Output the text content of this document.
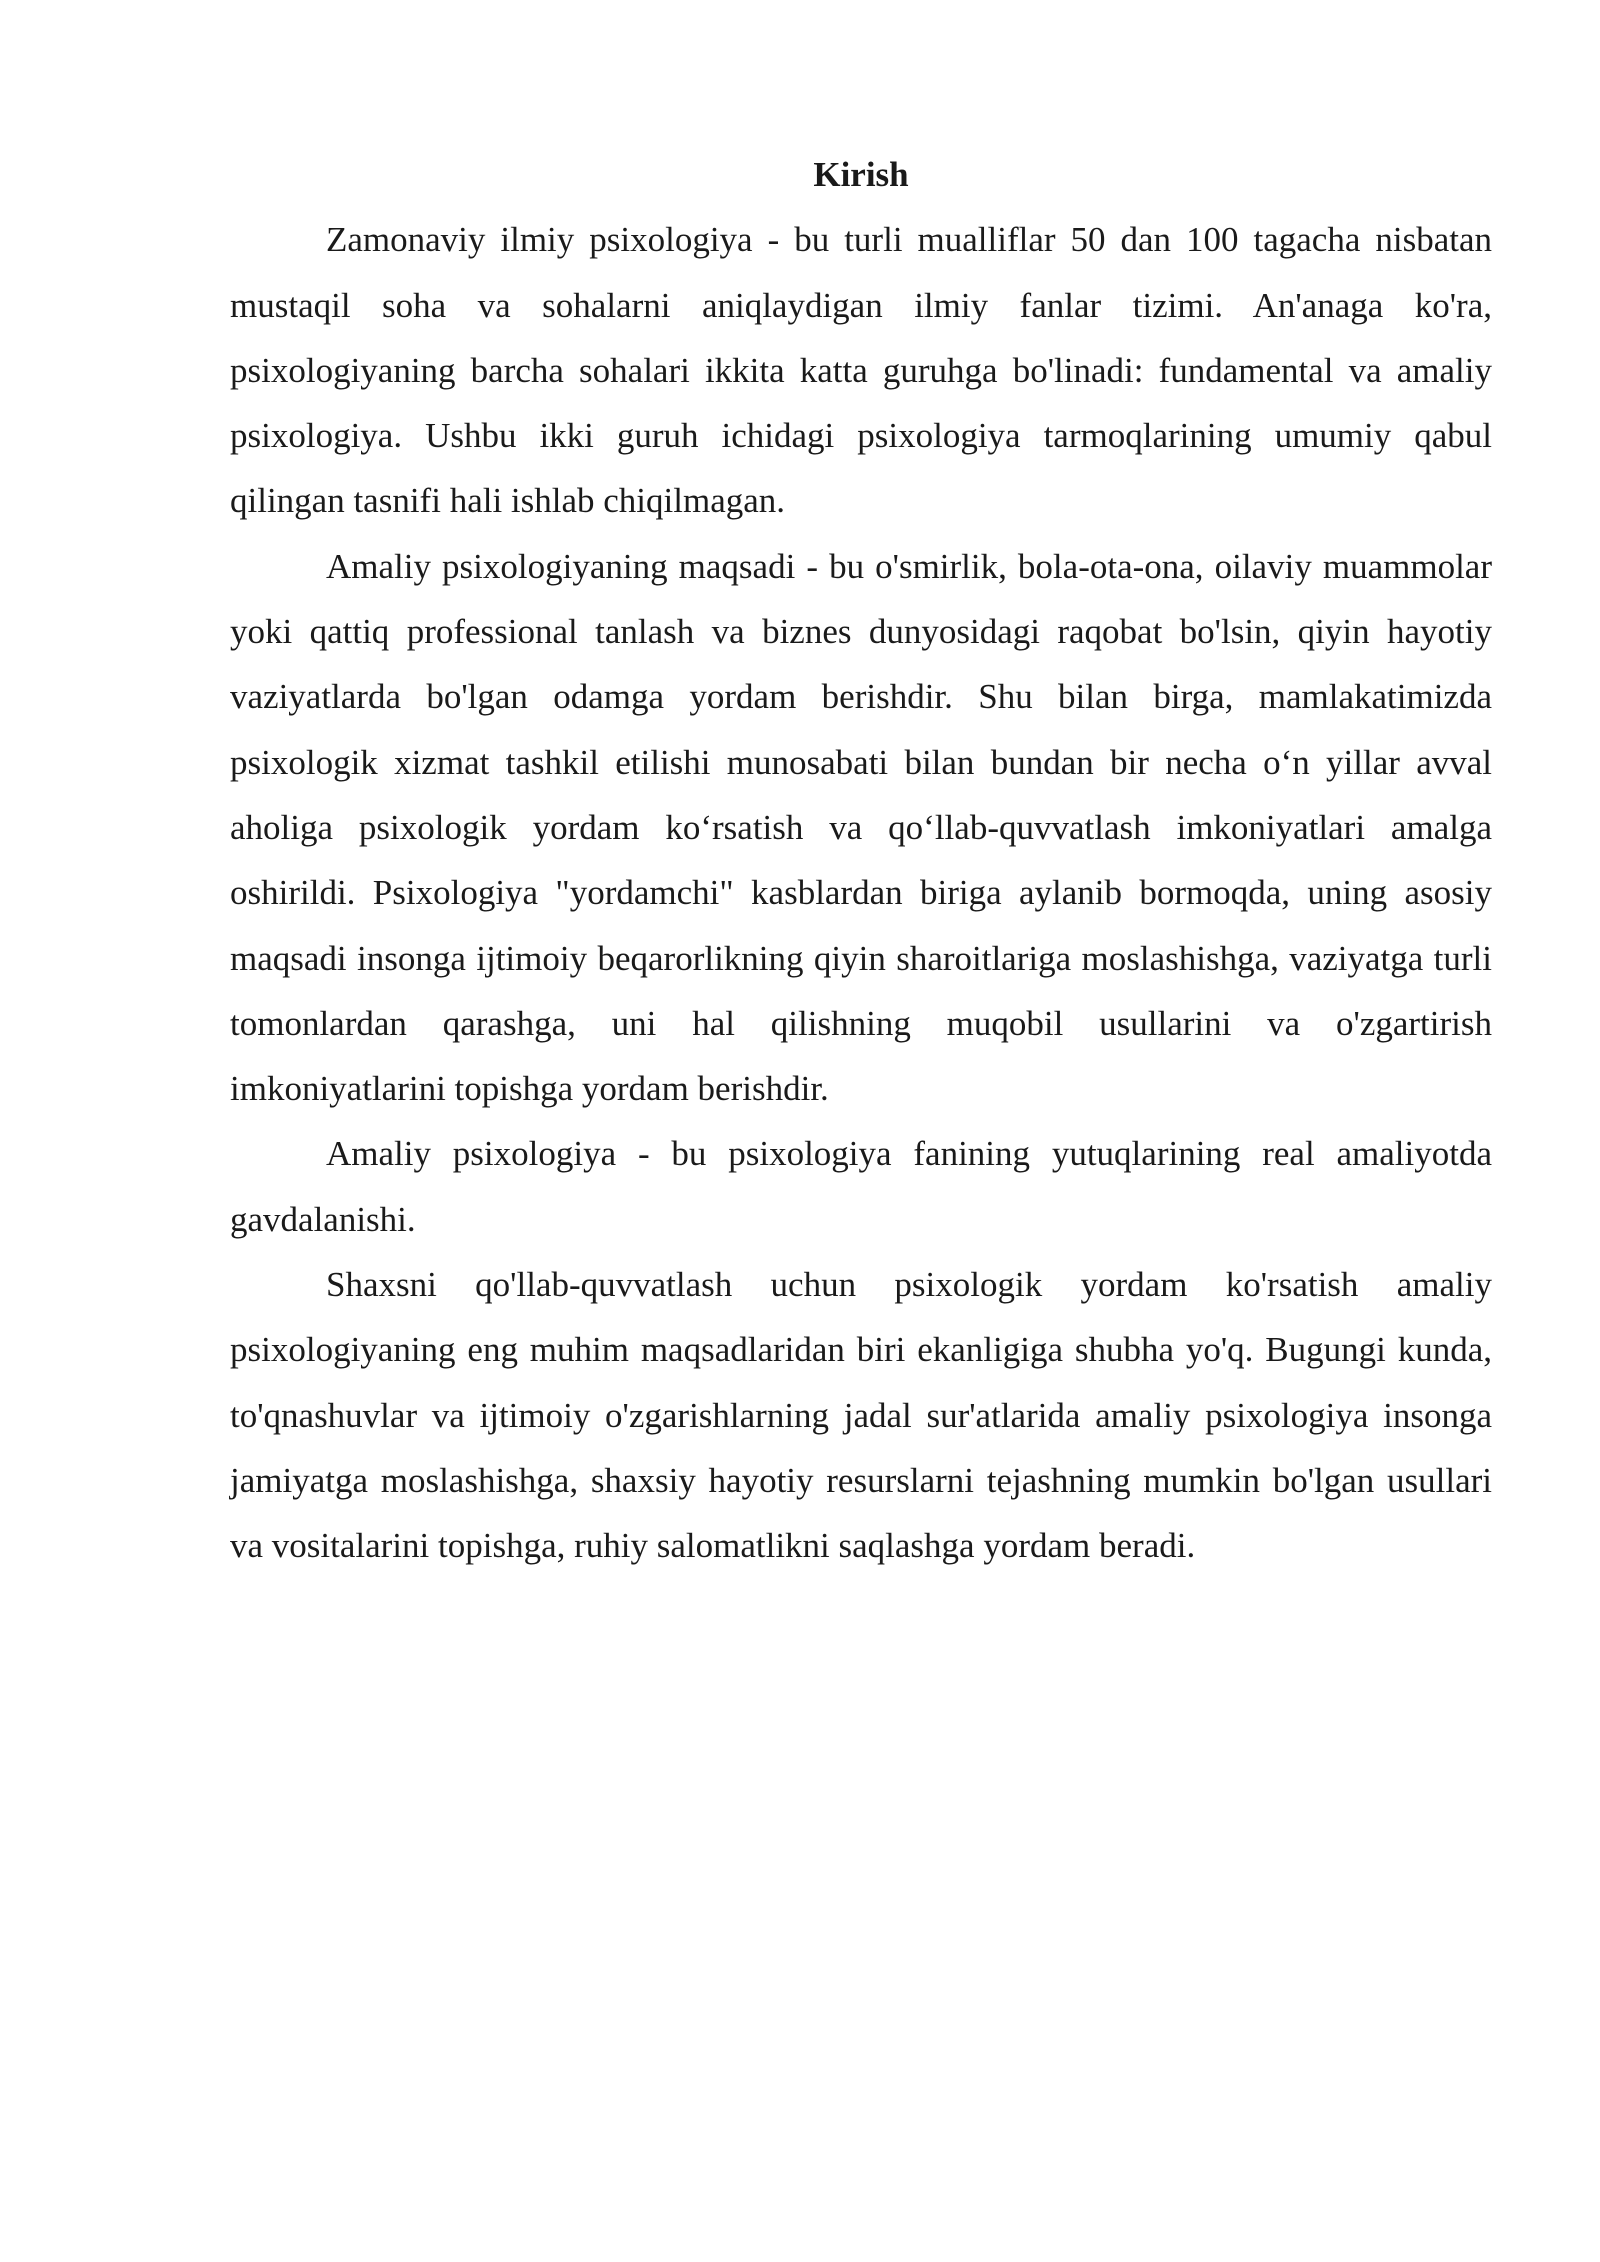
Kirish

Zamonaviy ilmiy psixologiya - bu turli mualliflar 50 dan 100 tagacha nisbatan mustaqil soha va sohalarni aniqlaydigan ilmiy fanlar tizimi. An'anaga ko'ra, psixologiyaning barcha sohalari ikkita katta guruhga bo'linadi: fundamental va amaliy psixologiya. Ushbu ikki guruh ichidagi psixologiya tarmoqlarining umumiy qabul qilingan tasnifi hali ishlab chiqilmagan.

Amaliy psixologiyaning maqsadi - bu o'smirlik, bola-ota-ona, oilaviy muammolar yoki qattiq professional tanlash va biznes dunyosidagi raqobat bo'lsin, qiyin hayotiy vaziyatlarda bo'lgan odamga yordam berishdir. Shu bilan birga, mamlakatimizda psixologik xizmat tashkil etilishi munosabati bilan bundan bir necha o‘n yillar avval aholiga psixologik yordam ko‘rsatish va qo‘llab-quvvatlash imkoniyatlari amalga oshirildi. Psixologiya "yordamchi" kasblardan biriga aylanib bormoqda, uning asosiy maqsadi insonga ijtimoiy beqarorlikning qiyin sharoitlariga moslashishga, vaziyatga turli tomonlardan qarashga, uni hal qilishning muqobil usullarini va o'zgartirish imkoniyatlarini topishga yordam berishdir.

Amaliy psixologiya - bu psixologiya fanining yutuqlarining real amaliyotda gavdalanishi.

Shaxsni qo'llab-quvvatlash uchun psixologik yordam ko'rsatish amaliy psixologiyaning eng muhim maqsadlaridan biri ekanligiga shubha yo'q. Bugungi kunda, to'qnashuvlar va ijtimoiy o'zgarishlarning jadal sur'atlarida amaliy psixologiya insonga jamiyatga moslashishga, shaxsiy hayotiy resurslarni tejashning mumkin bo'lgan usullari va vositalarini topishga, ruhiy salomatlikni saqlashga yordam beradi.
